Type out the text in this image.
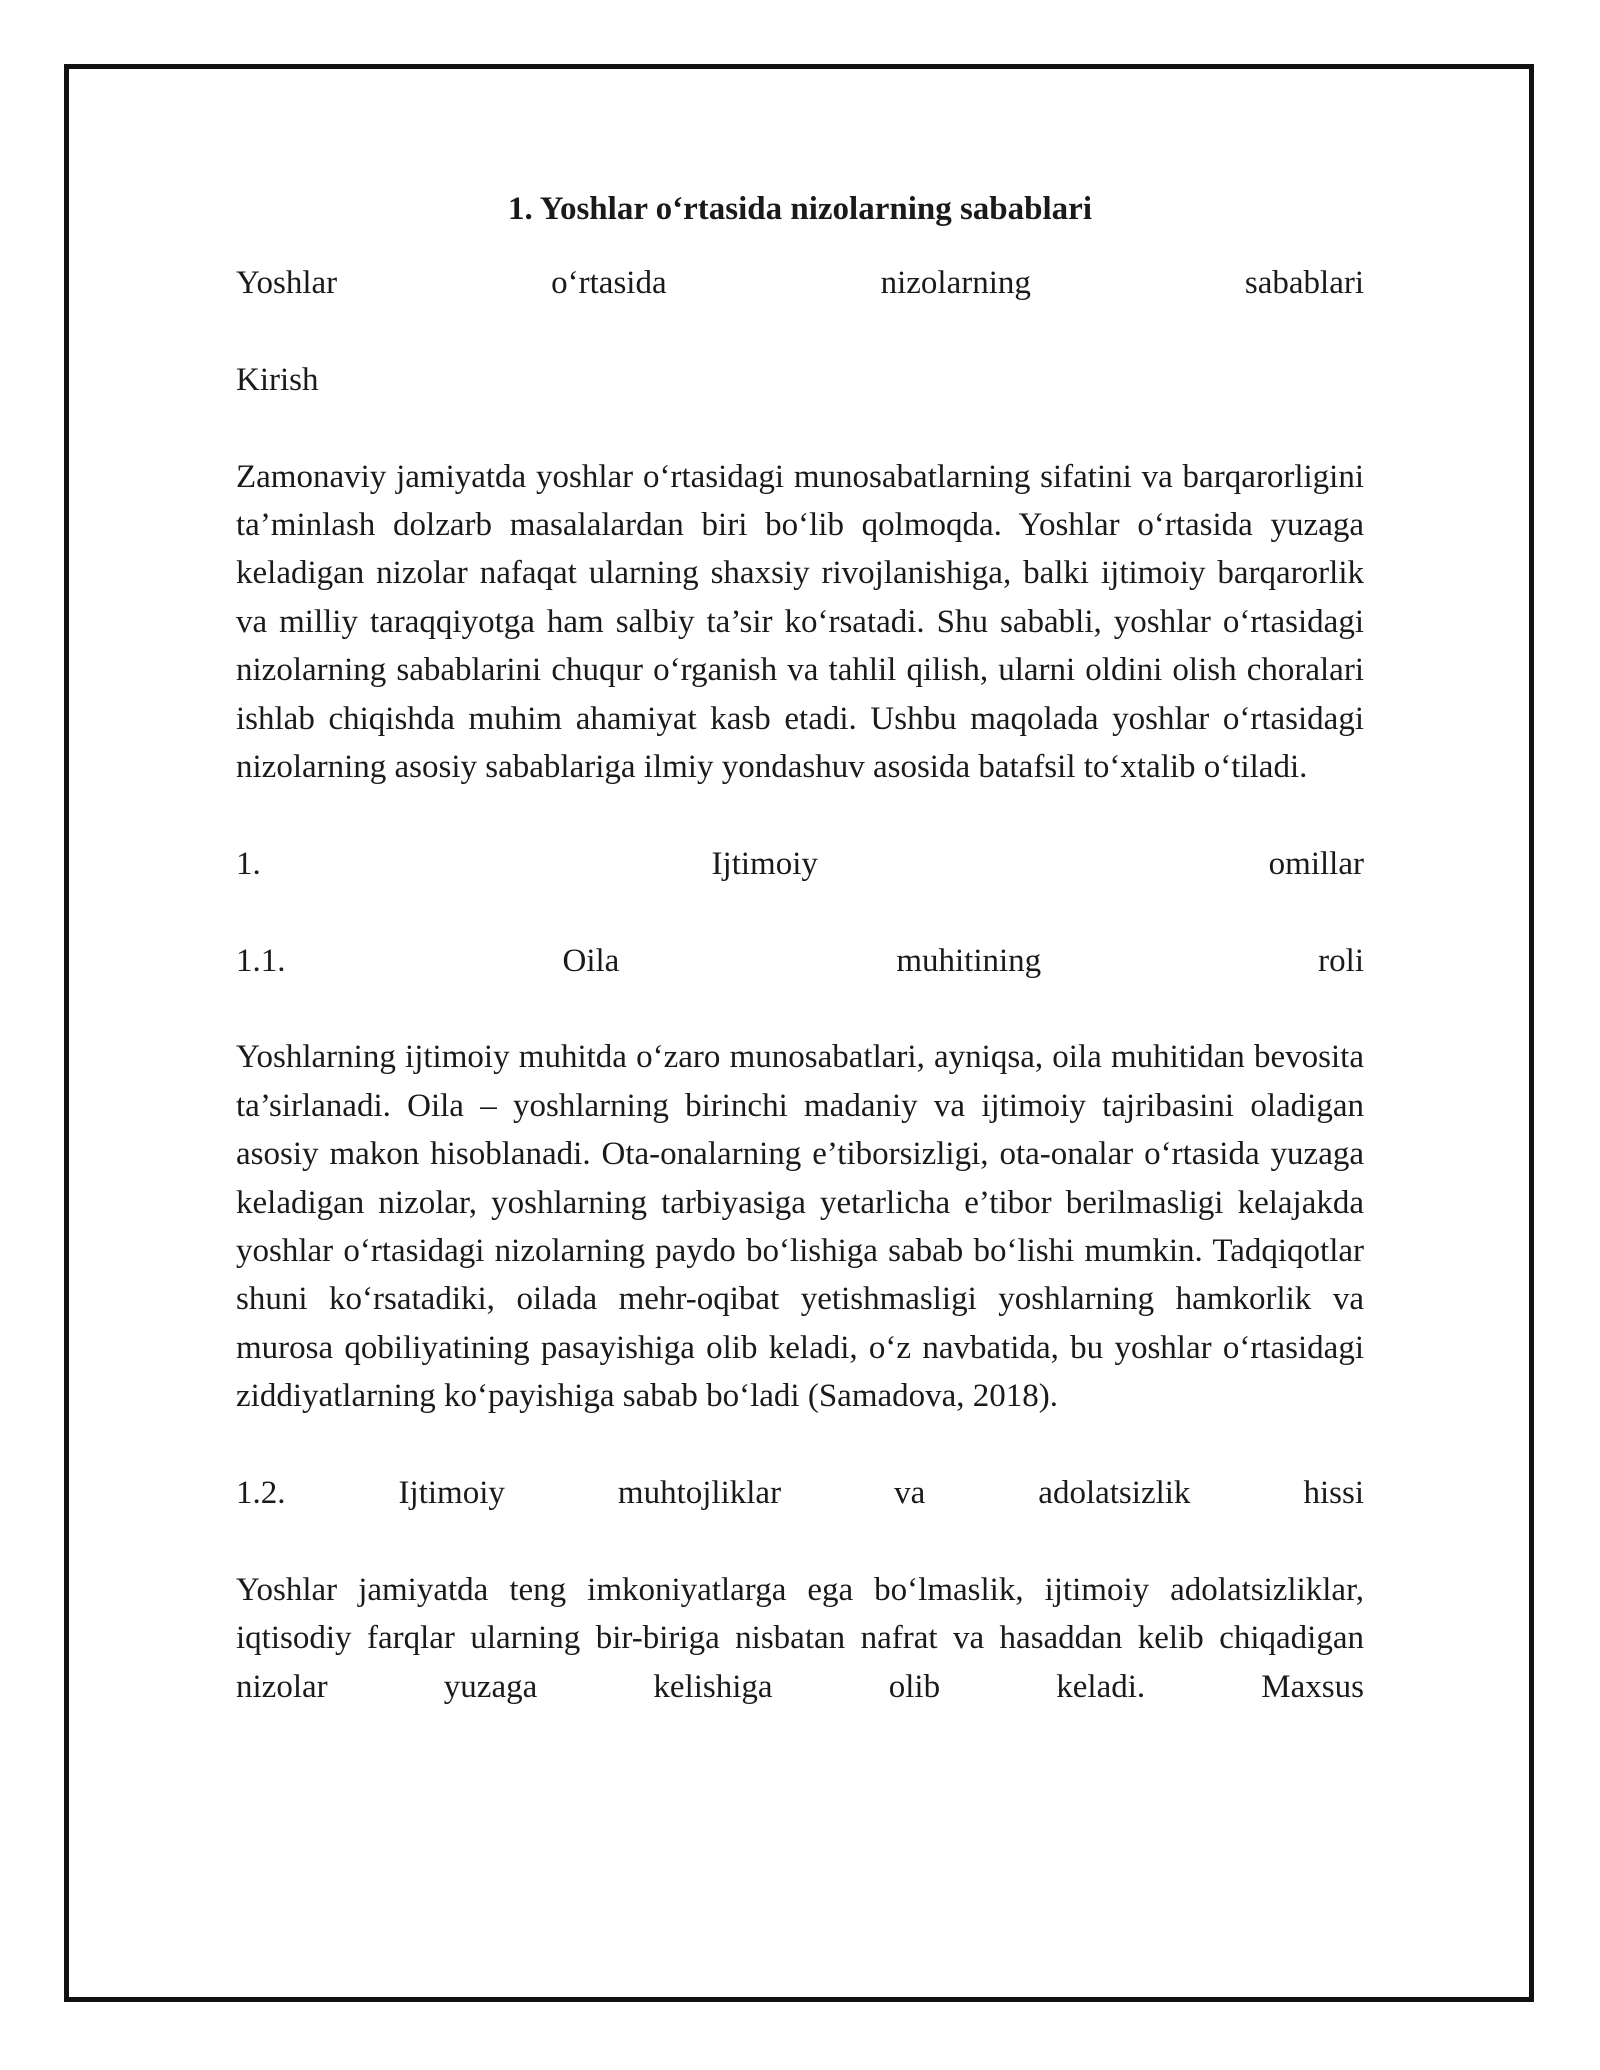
1. Yoshlar o‘rtasida nizolarning sabablari

Yoshlar o‘rtasida nizolarning sabablari

Kirish

Zamonaviy jamiyatda yoshlar o‘rtasidagi munosabatlarning sifatini va barqarorligini ta’minlash dolzarb masalalardan biri bo‘lib qolmoqda. Yoshlar o‘rtasida yuzaga keladigan nizolar nafaqat ularning shaxsiy rivojlanishiga, balki ijtimoiy barqarorlik va milliy taraqqiyotga ham salbiy ta’sir ko‘rsatadi. Shu sababli, yoshlar o‘rtasidagi nizolarning sabablarini chuqur o‘rganish va tahlil qilish, ularni oldini olish choralari ishlab chiqishda muhim ahamiyat kasb etadi. Ushbu maqolada yoshlar o‘rtasidagi nizolarning asosiy sabablariga ilmiy yondashuv asosida batafsil to‘xtalib o‘tiladi.

1. Ijtimoiy omillar

1.1. Oila muhitining roli

Yoshlarning ijtimoiy muhitda o‘zaro munosabatlari, ayniqsa, oila muhitidan bevosita ta’sirlanadi. Oila – yoshlarning birinchi madaniy va ijtimoiy tajribasini oladigan asosiy makon hisoblanadi. Ota-onalarning e’tiborsizligi, ota-onalar o‘rtasida yuzaga keladigan nizolar, yoshlarning tarbiyasiga yetarlicha e’tibor berilmasligi kelajakda yoshlar o‘rtasidagi nizolarning paydo bo‘lishiga sabab bo‘lishi mumkin. Tadqiqotlar shuni ko‘rsatadiki, oilada mehr-oqibat yetishmasligi yoshlarning hamkorlik va murosa qobiliyatining pasayishiga olib keladi, o‘z navbatida, bu yoshlar o‘rtasidagi ziddiyatlarning ko‘payishiga sabab bo‘ladi (Samadova, 2018).

1.2. Ijtimoiy muhtojliklar va adolatsizlik hissi

Yoshlar jamiyatda teng imkoniyatlarga ega bo‘lmaslik, ijtimoiy adolatsizliklar, iqtisodiy farqlar ularning bir-biriga nisbatan nafrat va hasaddan kelib chiqadigan nizolar yuzaga kelishiga olib keladi. Maxsus
